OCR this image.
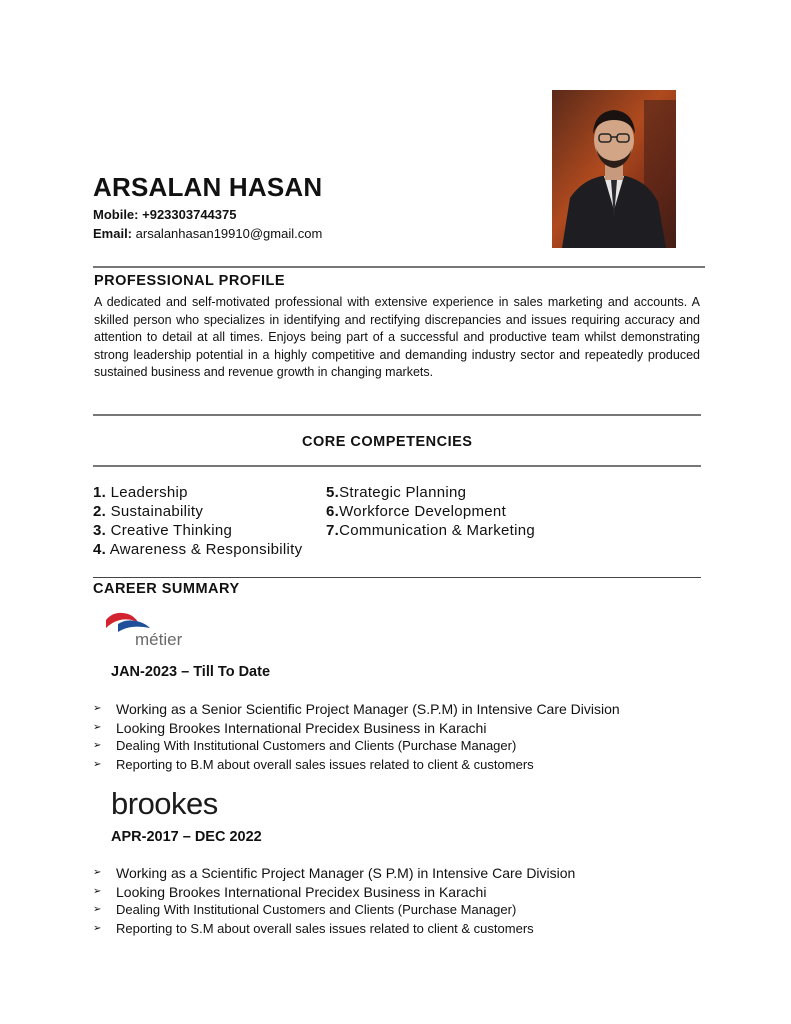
ARSALAN HASAN
Mobile: +923303744375
Email: arsalanhasan19910@gmail.com
PROFESSIONAL PROFILE
A dedicated and self-motivated professional with extensive experience in sales marketing and accounts. A skilled person who specializes in identifying and rectifying discrepancies and issues requiring accuracy and attention to detail at all times. Enjoys being part of a successful and productive team whilst demonstrating strong leadership potential in a highly competitive and demanding industry sector and repeatedly produced sustained business and revenue growth in changing markets.
CORE COMPETENCIES
1. Leadership
2. Sustainability
3. Creative Thinking
4. Awareness & Responsibility
5.Strategic Planning
6.Workforce Development
7.Communication & Marketing
CAREER SUMMARY
métier
JAN-2023 – Till To Date
➢ Working as a Senior Scientific Project Manager (S.P.M) in Intensive Care Division
➢ Looking Brookes International Precidex Business in Karachi
➢ Dealing With Institutional Customers and Clients (Purchase Manager)
➢ Reporting to B.M about overall sales issues related to client & customers
brookes
APR-2017 – DEC 2022
➢ Working as a Scientific Project Manager (S P.M) in Intensive Care Division
➢ Looking Brookes International Precidex Business in Karachi
➢ Dealing With Institutional Customers and Clients (Purchase Manager)
➢ Reporting to S.M about overall sales issues related to client & customers
